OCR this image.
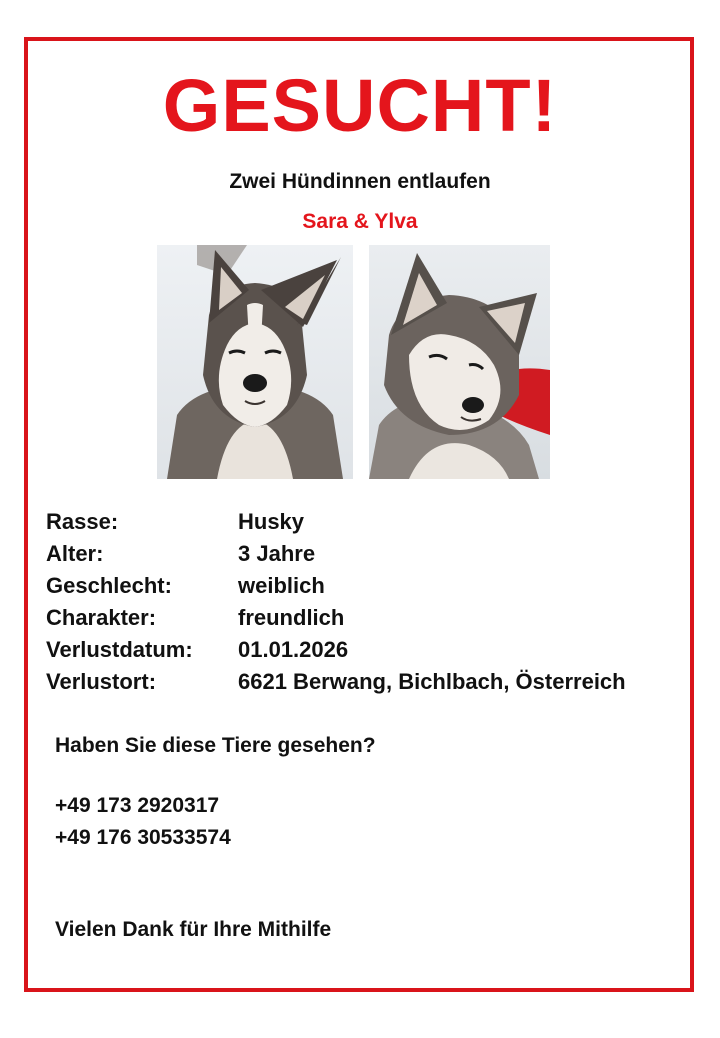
GESUCHT!
Zwei Hündinnen entlaufen
Sara & Ylva
Rasse:	Husky
Alter:	3 Jahre
Geschlecht:	weiblich
Charakter:	freundlich
Verlustdatum: 01.01.2026
Verlustort:	6621 Berwang, Bichlbach, Österreich
Haben Sie diese Tiere gesehen?
+49 173 2920317
+49 176 30533574
Vielen Dank für Ihre Mithilfe
